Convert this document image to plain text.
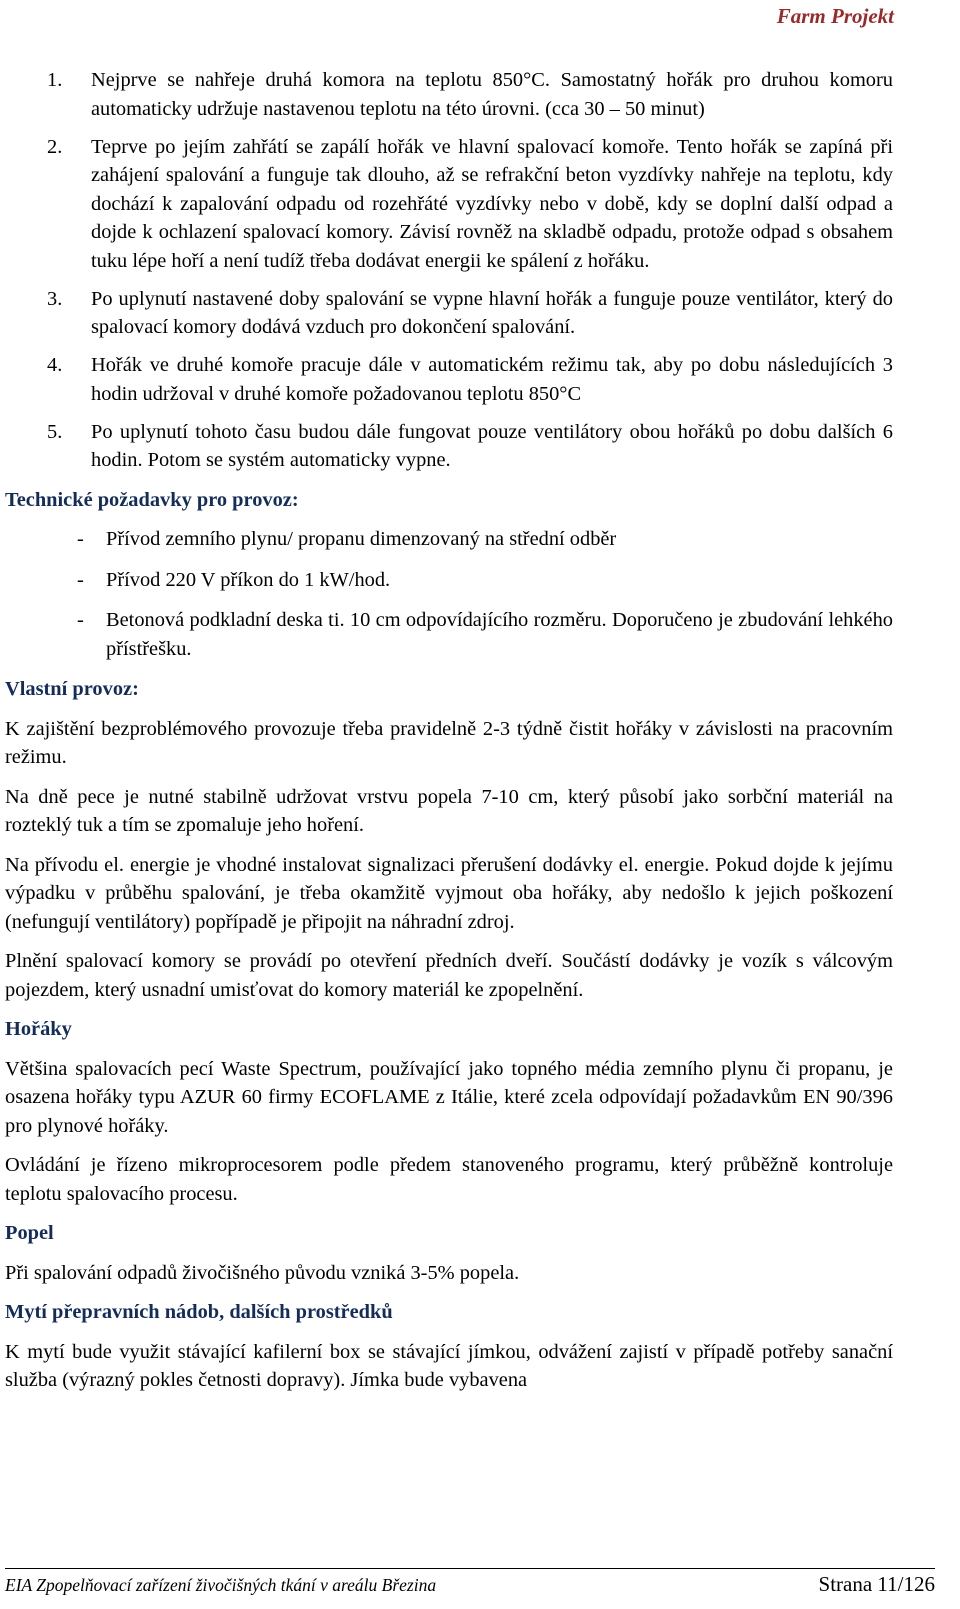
Farm Projekt
1.	Nejprve se nahřeje druhá komora na teplotu 850°C. Samostatný hořák pro druhou komoru automaticky udržuje nastavenou teplotu na této úrovni. (cca 30 – 50 minut)
2.	Teprve po jejím zahřátí se zapálí hořák ve hlavní spalovací komoře. Tento hořák se zapíná při zahájení spalování a funguje tak dlouho, až se refrakční beton vyzdívky nahřeje na teplotu, kdy dochází k zapalování odpadu od rozehřáté vyzdívky nebo v době, kdy se doplní další odpad a dojde k ochlazení spalovací komory. Závisí rovněž na skladbě odpadu, protože odpad s obsahem tuku lépe hoří a není tudíž třeba dodávat energii ke spálení z hořáku.
3.	Po uplynutí nastavené doby spalování se vypne hlavní hořák a funguje pouze ventilátor, který do spalovací komory dodává vzduch pro dokončení spalování.
4.	Hořák ve druhé komoře pracuje dále v automatickém režimu tak, aby po dobu následujících 3 hodin udržoval v druhé komoře požadovanou teplotu 850°C
5.	Po uplynutí tohoto času budou dále fungovat pouze ventilátory obou hořáků po dobu dalších 6 hodin. Potom se systém automaticky vypne.
Technické požadavky pro provoz:
-	Přívod zemního plynu/ propanu dimenzovaný na střední odběr
-	Přívod 220 V příkon do 1 kW/hod.
-	Betonová podkladní deska ti. 10 cm odpovídajícího rozměru. Doporučeno je zbudování lehkého přístřešku.
Vlastní provoz:

K zajištění bezproblémového provozuje třeba pravidelně 2-3 týdně čistit hořáky v závislosti na pracovním režimu.

Na dně pece je nutné stabilně udržovat vrstvu popela 7-10 cm, který působí jako sorbční materiál na rozteklý tuk a tím se zpomaluje jeho hoření.

Na přívodu el. energie je vhodné instalovat signalizaci přerušení dodávky el. energie. Pokud dojde k jejímu výpadku v průběhu spalování, je třeba okamžitě vyjmout oba hořáky, aby nedošlo k jejich poškození (nefungují ventilátory) popřípadě je připojit na náhradní zdroj.

Plnění spalovací komory se provádí po otevření předních dveří. Součástí dodávky je vozík s válcovým pojezdem, který usnadní umisťovat do komory materiál ke zpopelnění.

Hořáky

Většina spalovacích pecí Waste Spectrum, používající jako topného média zemního plynu či propanu, je osazena hořáky typu AZUR 60 firmy ECOFLAME z Itálie, které zcela odpovídají požadavkům EN 90/396 pro plynové hořáky.

Ovládání je řízeno mikroprocesorem podle předem stanoveného programu, který průběžně kontroluje teplotu spalovacího procesu.

Popel

Při spalování odpadů živočišného původu vzniká 3-5% popela.

Mytí přepravních nádob, dalších prostředků

K mytí bude využit stávající kafilerní box se stávající jímkou, odvážení zajistí v případě potřeby sanační služba (výrazný pokles četnosti dopravy). Jímka bude vybavena

EIA Zpopelňovací zařízení živočišných tkání v areálu Březina	Strana 11/126
